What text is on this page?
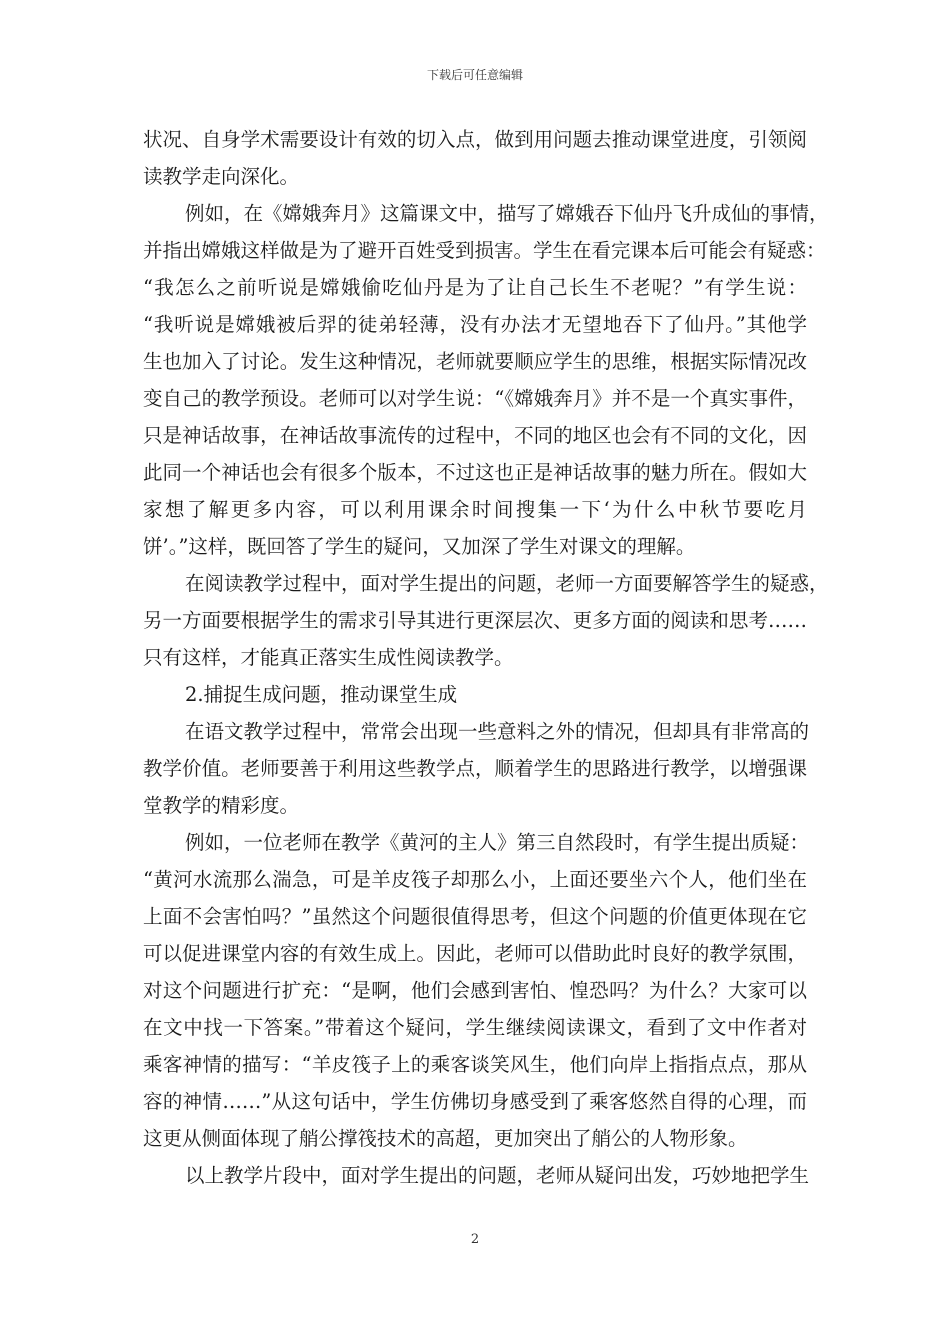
下载后可任意编辑
状况、自身学术需要设计有效的切入点，做到用问题去推动课堂进度，引领阅
读教学走向深化。
例如，在《嫦娥奔月》这篇课文中，描写了嫦娥吞下仙丹飞升成仙的事情，
并指出嫦娥这样做是为了避开百姓受到损害。学生在看完课本后可能会有疑惑：
“我怎么之前听说是嫦娥偷吃仙丹是为了让自己长生不老呢？”有学生说：
“我听说是嫦娥被后羿的徒弟轻薄，没有办法才无望地吞下了仙丹。”其他学
生也加入了讨论。发生这种情况，老师就要顺应学生的思维，根据实际情况改
变自己的教学预设。老师可以对学生说：“《嫦娥奔月》并不是一个真实事件，
只是神话故事，在神话故事流传的过程中，不同的地区也会有不同的文化，因
此同一个神话也会有很多个版本，不过这也正是神话故事的魅力所在。假如大
家想了解更多内容，可以利用课余时间搜集一下‘为什么中秋节要吃月
饼’。”这样，既回答了学生的疑问，又加深了学生对课文的理解。
在阅读教学过程中，面对学生提出的问题，老师一方面要解答学生的疑惑，
另一方面要根据学生的需求引导其进行更深层次、更多方面的阅读和思考……
只有这样，才能真正落实生成性阅读教学。
2.捕捉生成问题，推动课堂生成
在语文教学过程中，常常会出现一些意料之外的情况，但却具有非常高的
教学价值。老师要善于利用这些教学点，顺着学生的思路进行教学，以增强课
堂教学的精彩度。
例如，一位老师在教学《黄河的主人》第三自然段时，有学生提出质疑：
“黄河水流那么湍急，可是羊皮筏子却那么小，上面还要坐六个人，他们坐在
上面不会害怕吗？”虽然这个问题很值得思考，但这个问题的价值更体现在它
可以促进课堂内容的有效生成上。因此，老师可以借助此时良好的教学氛围，
对这个问题进行扩充：“是啊，他们会感到害怕、惶恐吗？为什么？大家可以
在文中找一下答案。”带着这个疑问，学生继续阅读课文，看到了文中作者对
乘客神情的描写：“羊皮筏子上的乘客谈笑风生，他们向岸上指指点点，那从
容的神情……”从这句话中，学生仿佛切身感受到了乘客悠然自得的心理，而
这更从侧面体现了艄公撑筏技术的高超，更加突出了艄公的人物形象。
以上教学片段中，面对学生提出的问题，老师从疑问出发，巧妙地把学生
2
